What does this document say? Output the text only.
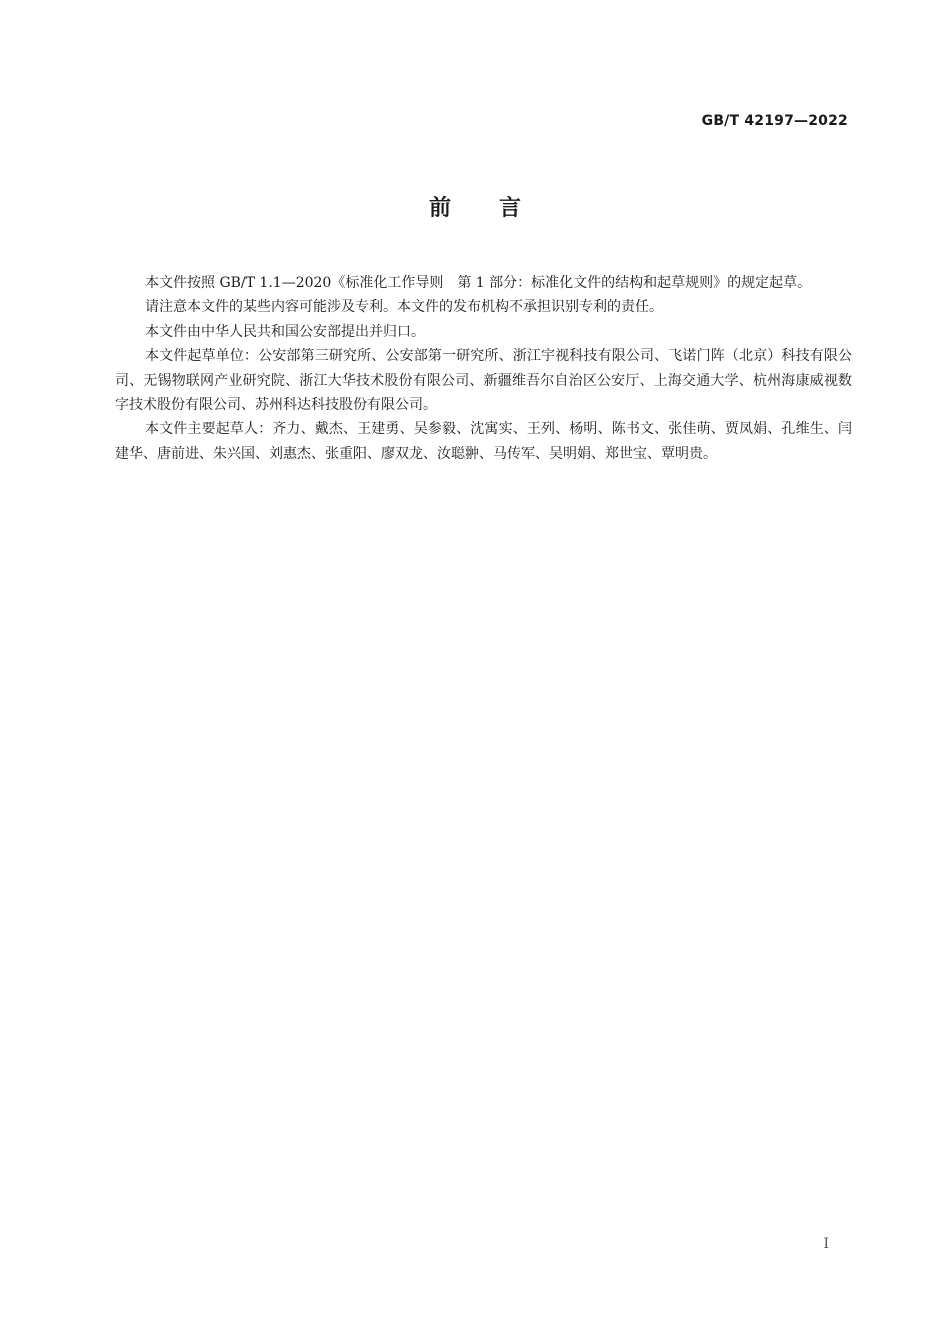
GB/T 42197—2022
前言

本文件按照 GB/T 1.1—2020《标准化工作导则　第 1 部分：标准化文件的结构和起草规则》的规定起草。

请注意本文件的某些内容可能涉及专利。本文件的发布机构不承担识别专利的责任。

本文件由中华人民共和国公安部提出并归口。

本文件起草单位：公安部第三研究所、公安部第一研究所、浙江宇视科技有限公司、飞诺门阵（北京）科技有限公司、无锡物联网产业研究院、浙江大华技术股份有限公司、新疆维吾尔自治区公安厅、上海交通大学、杭州海康威视数字技术股份有限公司、苏州科达科技股份有限公司。

本文件主要起草人：齐力、戴杰、王建勇、吴参毅、沈寓实、王列、杨明、陈书文、张佳萌、贾凤娟、孔维生、闫建华、唐前进、朱兴国、刘惠杰、张重阳、廖双龙、汝聪翀、马传军、吴明娟、郑世宝、覃明贵。

I
